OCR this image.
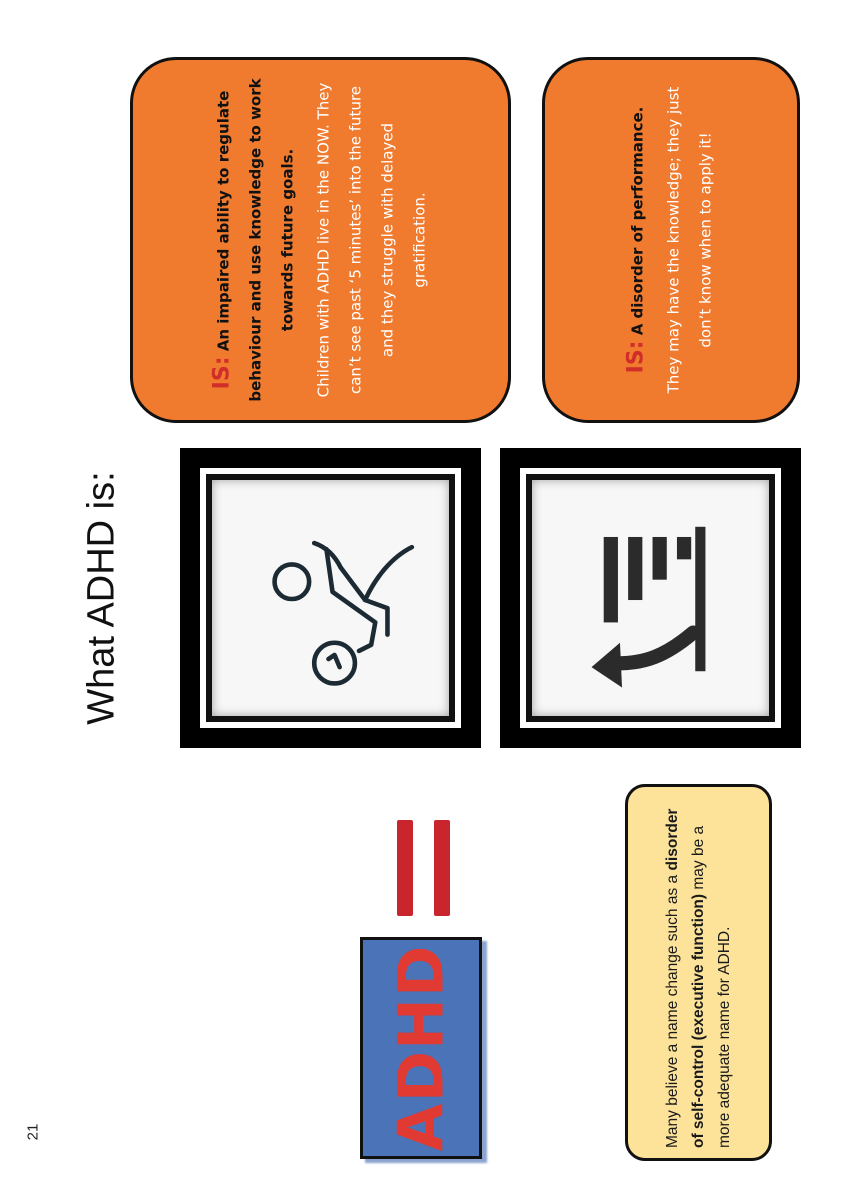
21
What ADHD is:
ADHD	Many believe a name change such as a disorder of self-control (executive function) may be a more adequate name for ADHD.
IS: An impaired ability to regulate behaviour and use knowledge to work towards future goals.	Children with ADHD live in the NOW. They can’t see past ‘5 minutes’ into the future and they struggle with delayed gratification.
IS: A disorder of performance.	They may have the knowledge; they just don’t know when to apply it!
